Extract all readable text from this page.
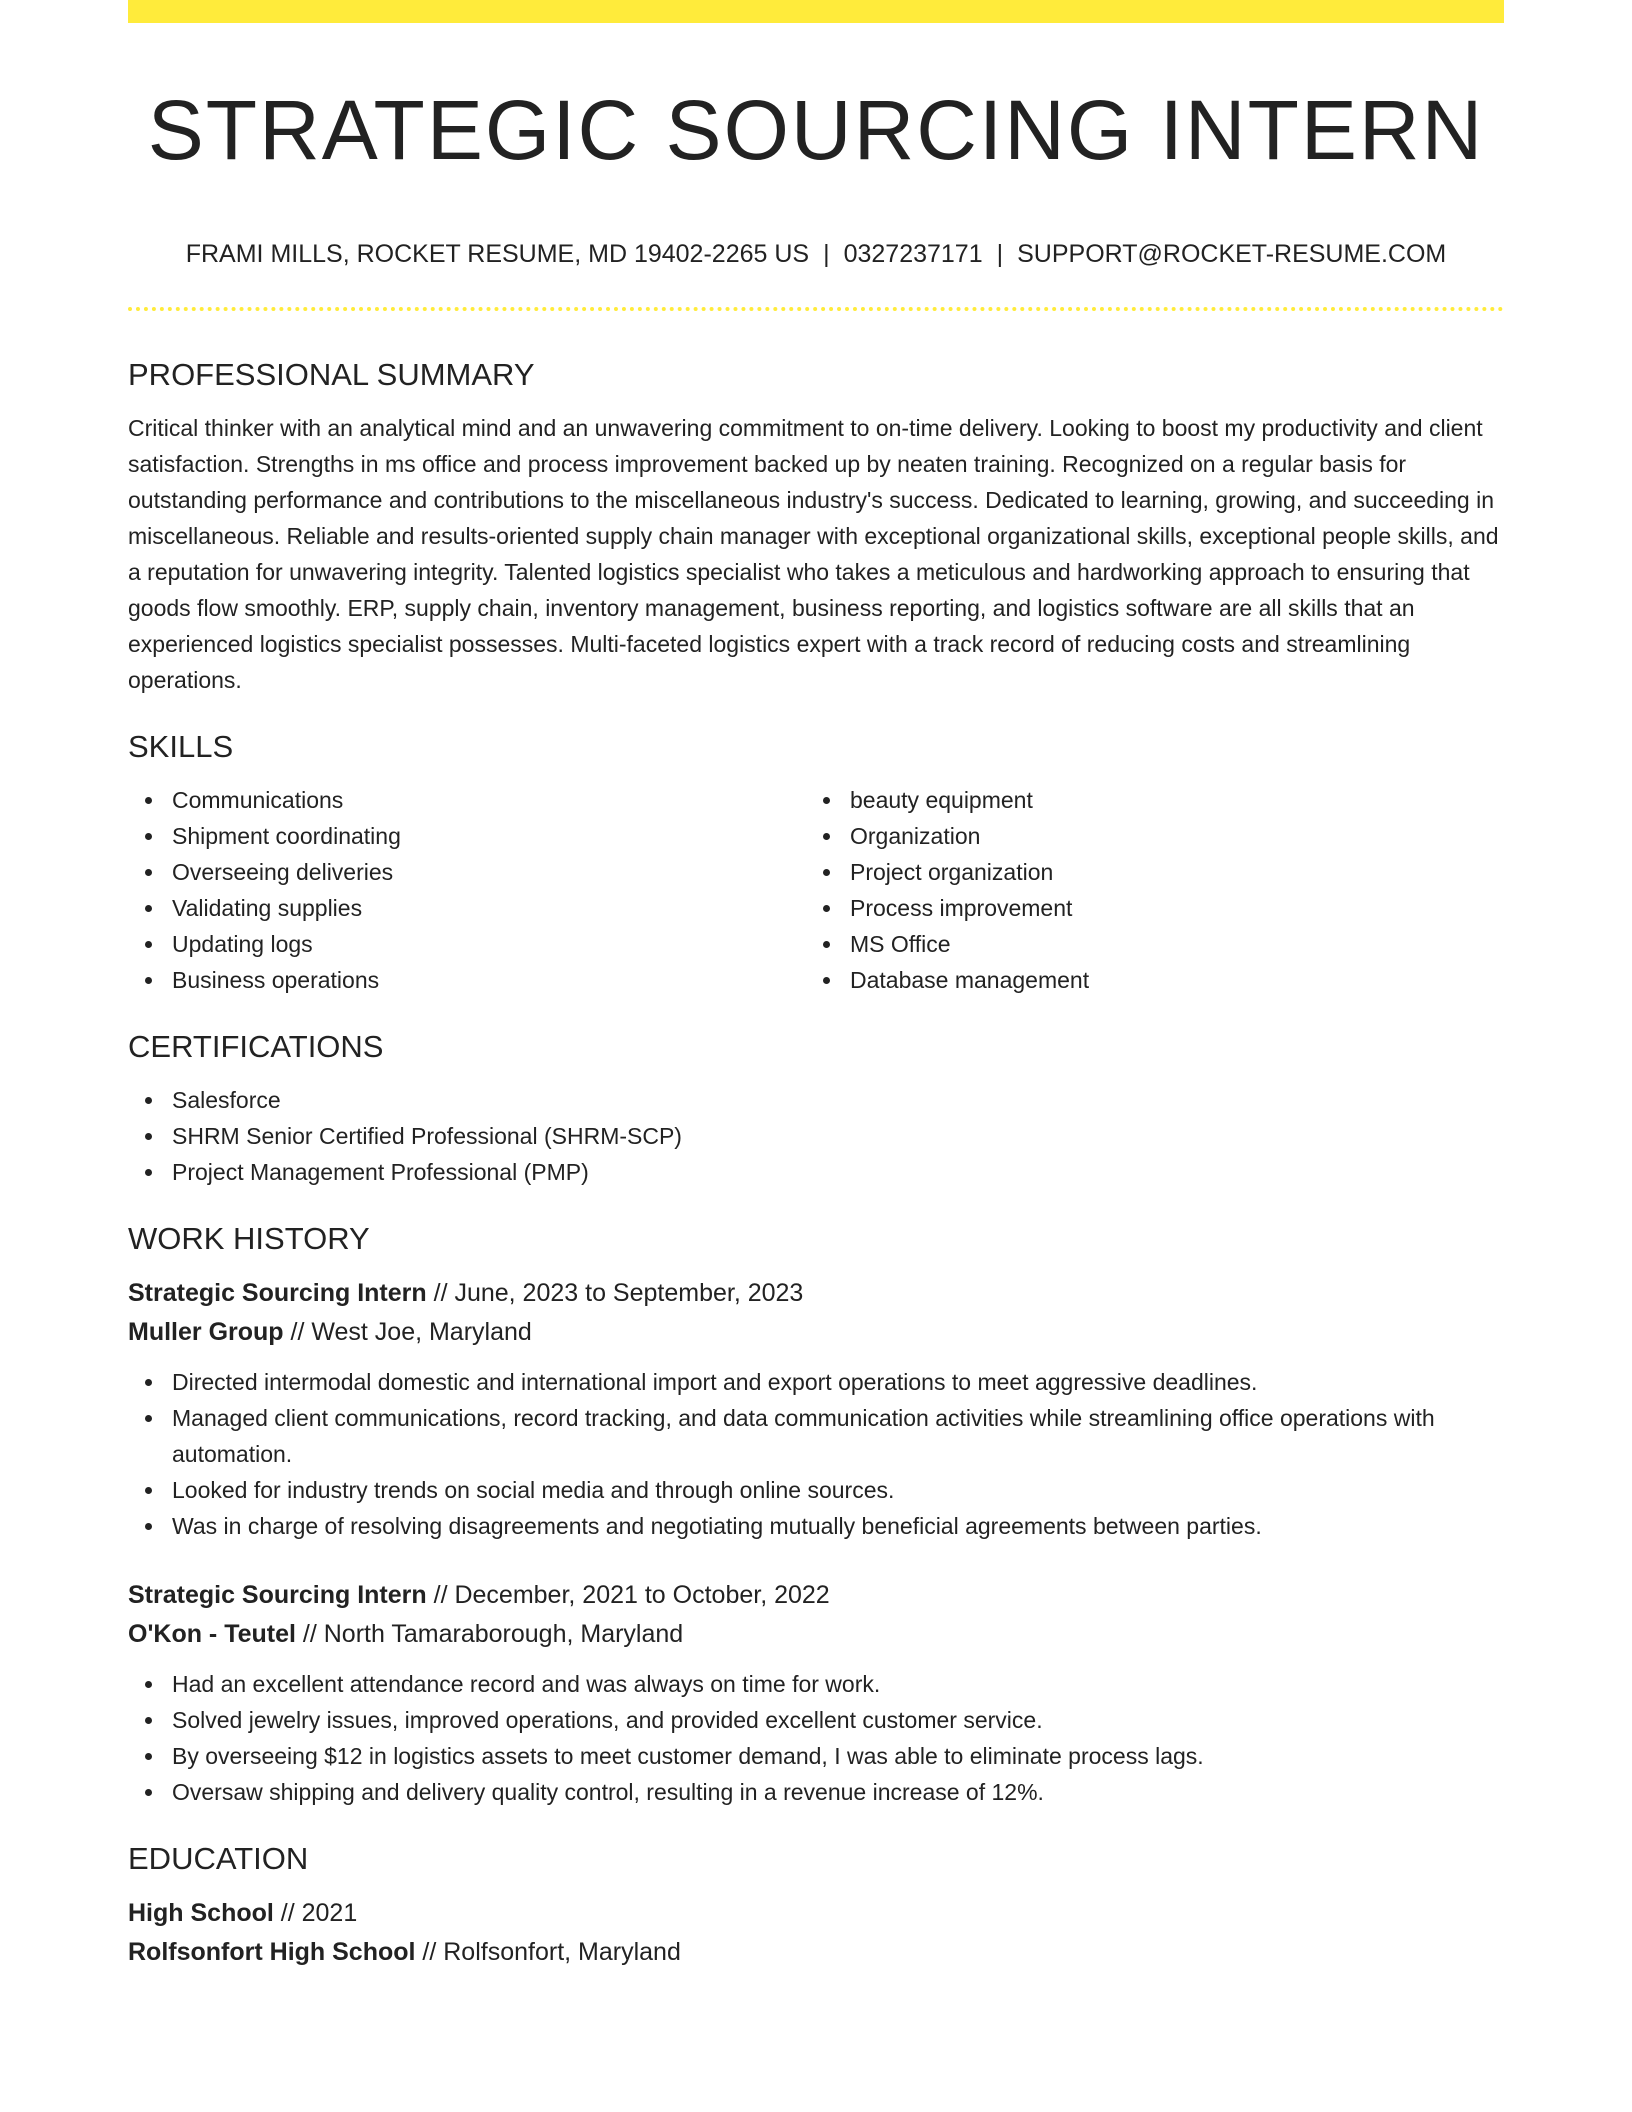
STRATEGIC SOURCING INTERN
FRAMI MILLS, ROCKET RESUME, MD 19402-2265 US | 0327237171 | SUPPORT@ROCKET-RESUME.COM
PROFESSIONAL SUMMARY

Critical thinker with an analytical mind and an unwavering commitment to on-time delivery. Looking to boost my productivity and client satisfaction. Strengths in ms office and process improvement backed up by neaten training. Recognized on a regular basis for outstanding performance and contributions to the miscellaneous industry's success. Dedicated to learning, growing, and succeeding in miscellaneous. Reliable and results-oriented supply chain manager with exceptional organizational skills, exceptional people skills, and a reputation for unwavering integrity. Talented logistics specialist who takes a meticulous and hardworking approach to ensuring that goods flow smoothly. ERP, supply chain, inventory management, business reporting, and logistics software are all skills that an experienced logistics specialist possesses. Multi-faceted logistics expert with a track record of reducing costs and streamlining operations.

SKILLS
Communications
Shipment coordinating
Overseeing deliveries
Validating supplies
Updating logs
Business operations
beauty equipment
Organization
Project organization
Process improvement
MS Office
Database management
CERTIFICATIONS
Salesforce
SHRM Senior Certified Professional (SHRM-SCP)
Project Management Professional (PMP)
WORK HISTORY
Strategic Sourcing Intern // June, 2023 to September, 2023
Muller Group // West Joe, Maryland
Directed intermodal domestic and international import and export operations to meet aggressive deadlines.
Managed client communications, record tracking, and data communication activities while streamlining office operations with automation.
Looked for industry trends on social media and through online sources.
Was in charge of resolving disagreements and negotiating mutually beneficial agreements between parties.
Strategic Sourcing Intern // December, 2021 to October, 2022
O'Kon - Teutel // North Tamaraborough, Maryland
Had an excellent attendance record and was always on time for work.
Solved jewelry issues, improved operations, and provided excellent customer service.
By overseeing $12 in logistics assets to meet customer demand, I was able to eliminate process lags.
Oversaw shipping and delivery quality control, resulting in a revenue increase of 12%.
EDUCATION
High School // 2021
Rolfsonfort High School // Rolfsonfort, Maryland
